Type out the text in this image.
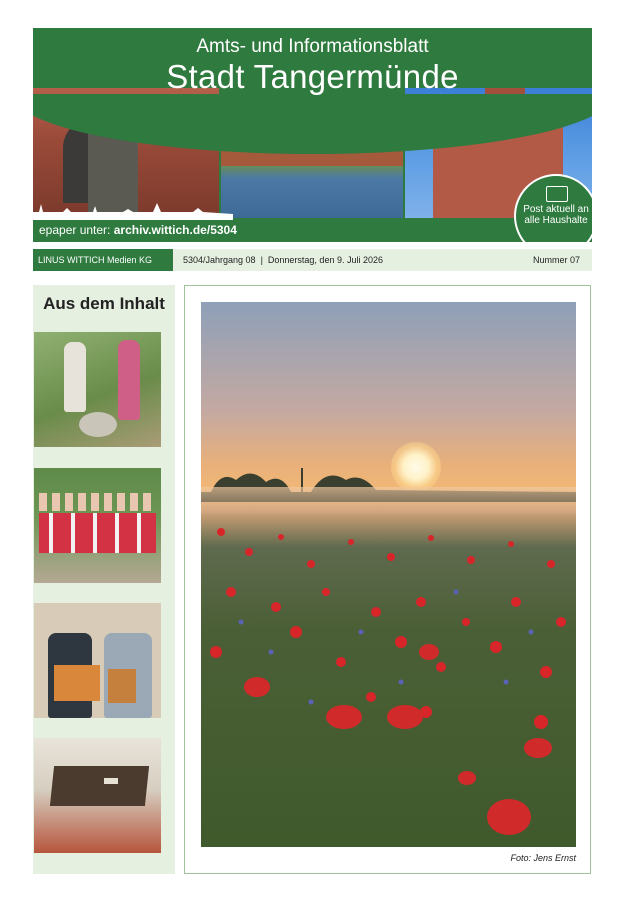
Amts- und Informationsblatt
Stadt Tangermünde
epaper unter: archiv.wittich.de/5304
Post aktuell an alle Haushalte
LINUS WITTICH Medien KG	5304/Jahrgang 08  |  Donnerstag, den 9. Juli 2026	Nummer 07
Aus dem Inhalt
Foto: Jens Ernst
